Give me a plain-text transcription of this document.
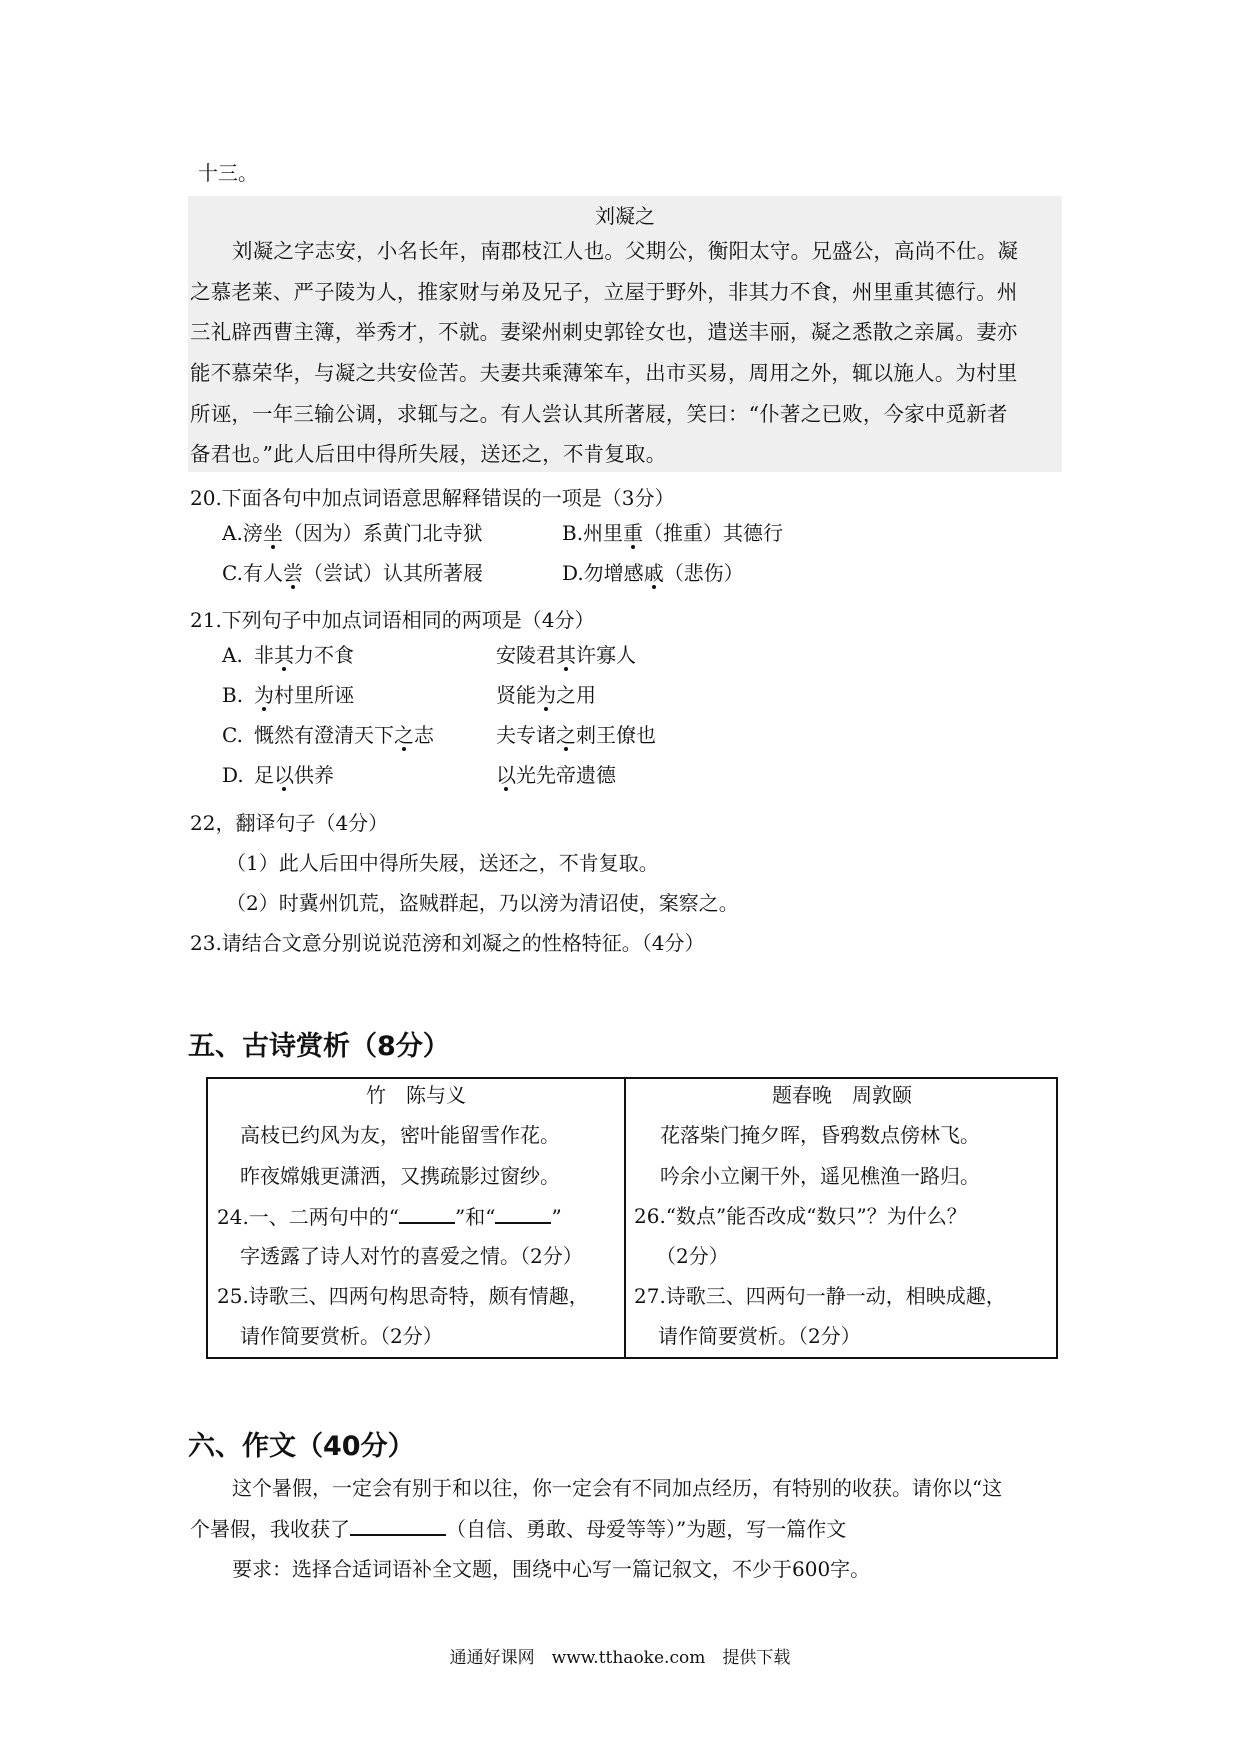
十三。
刘凝之
刘凝之字志安，小名长年，南郡枝江人也。父期公，衡阳太守。兄盛公，高尚不仕。凝
之慕老莱、严子陵为人，推家财与弟及兄子，立屋于野外，非其力不食，州里重其德行。州
三礼辟西曹主簿，举秀才，不就。妻梁州刺史郭铨女也，遣送丰丽，凝之悉散之亲属。妻亦
能不慕荣华，与凝之共安俭苦。夫妻共乘薄笨车，出市买易，周用之外，辄以施人。为村里
所诬，一年三输公调，求辄与之。有人尝认其所著屐，笑曰：“仆著之已败，今家中觅新者
备君也。”此人后田中得所失屐，送还之，不肯复取。
20.下面各句中加点词语意思解释错误的一项是（3分）
A.滂坐（因为）系黄门北寺狱	B.州里重（推重）其德行
C.有人尝（尝试）认其所著屐	D.勿增感戚（悲伤）
21.下列句子中加点词语相同的两项是（4分）
A. 非其力不食	安陵君其许寡人
B. 为村里所诬	贤能为之用
C. 慨然有澄清天下之志	夫专诸之刺王僚也
D. 足以供养	以光先帝遗德
22，翻译句子（4分）
（1）此人后田中得所失屐，送还之，不肯复取。
（2）时冀州饥荒，盗贼群起，乃以滂为清诏使，案察之。
23.请结合文意分别说说范滂和刘凝之的性格特征。（4分）
五、古诗赏析（8分）
竹　陈与义
高枝已约风为友，密叶能留雪作花。
昨夜嫦娥更潇洒，又携疏影过窗纱。
24.一、二两句中的“	”和“	”
字透露了诗人对竹的喜爱之情。（2分）
25.诗歌三、四两句构思奇特，颇有情趣，
请作简要赏析。（2分）
题春晚　周敦颐
花落柴门掩夕晖，昏鸦数点傍林飞。
吟余小立阑干外，遥见樵渔一路归。
26.“数点”能否改成“数只”？为什么？
（2分）
27.诗歌三、四两句一静一动，相映成趣，
请作简要赏析。（2分）
六、作文（40分）
这个暑假，一定会有别于和以往，你一定会有不同加点经历，有特别的收获。请你以“这
个暑假，我收获了	（自信、勇敢、母爱等等）”为题，写一篇作文
要求：选择合适词语补全文题，围绕中心写一篇记叙文，不少于600字。
通通好课网　www.tthaoke.com　提供下载
